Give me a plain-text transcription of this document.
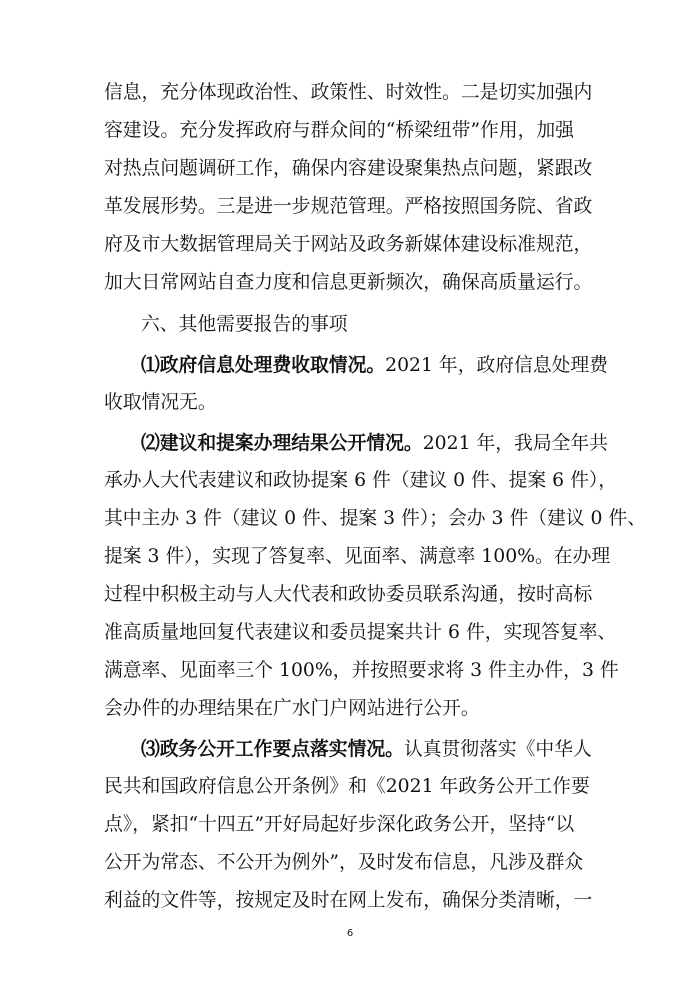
信息，充分体现政治性、政策性、时效性。二是切实加强内
容建设。充分发挥政府与群众间的“桥梁纽带”作用，加强
对热点问题调研工作，确保内容建设聚集热点问题，紧跟改
革发展形势。三是进一步规范管理。严格按照国务院、省政
府及市大数据管理局关于网站及政务新媒体建设标准规范，
加大日常网站自查力度和信息更新频次，确保高质量运行。
六、其他需要报告的事项
⑴政府信息处理费收取情况。2021 年，政府信息处理费
收取情况无。
⑵建议和提案办理结果公开情况。2021 年，我局全年共
承办人大代表建议和政协提案 6 件（建议 0 件、提案 6 件），
其中主办 3 件（建议 0 件、提案 3 件）；会办 3 件（建议 0 件、
提案 3 件），实现了答复率、见面率、满意率 100%。在办理
过程中积极主动与人大代表和政协委员联系沟通，按时高标
准高质量地回复代表建议和委员提案共计 6 件，实现答复率、
满意率、见面率三个 100%，并按照要求将 3 件主办件，3 件
会办件的办理结果在广水门户网站进行公开。
⑶政务公开工作要点落实情况。认真贯彻落实《中华人
民共和国政府信息公开条例》和《2021 年政务公开工作要
点》，紧扣“十四五”开好局起好步深化政务公开，坚持“以
公开为常态、不公开为例外”，及时发布信息，凡涉及群众
利益的文件等，按规定及时在网上发布，确保分类清晰，一
6
